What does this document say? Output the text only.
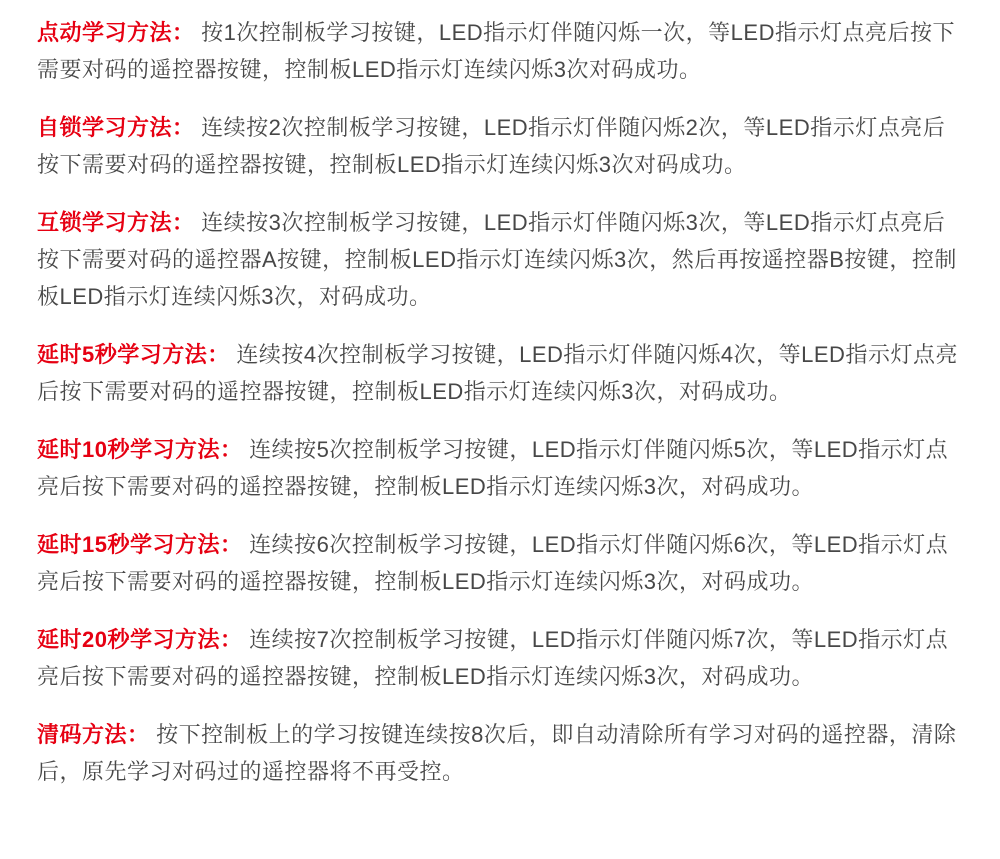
点动学习方法： 按1次控制板学习按键，LED指示灯伴随闪烁一次，等LED指示灯点亮后按下需要对码的遥控器按键，控制板LED指示灯连续闪烁3次对码成功。

自锁学习方法： 连续按2次控制板学习按键，LED指示灯伴随闪烁2次，等LED指示灯点亮后按下需要对码的遥控器按键，控制板LED指示灯连续闪烁3次对码成功。

互锁学习方法： 连续按3次控制板学习按键，LED指示灯伴随闪烁3次，等LED指示灯点亮后按下需要对码的遥控器A按键，控制板LED指示灯连续闪烁3次，然后再按遥控器B按键，控制板LED指示灯连续闪烁3次，对码成功。

延时5秒学习方法： 连续按4次控制板学习按键，LED指示灯伴随闪烁4次，等LED指示灯点亮后按下需要对码的遥控器按键，控制板LED指示灯连续闪烁3次，对码成功。

延时10秒学习方法： 连续按5次控制板学习按键，LED指示灯伴随闪烁5次，等LED指示灯点亮后按下需要对码的遥控器按键，控制板LED指示灯连续闪烁3次，对码成功。

延时15秒学习方法： 连续按6次控制板学习按键，LED指示灯伴随闪烁6次，等LED指示灯点亮后按下需要对码的遥控器按键，控制板LED指示灯连续闪烁3次，对码成功。

延时20秒学习方法： 连续按7次控制板学习按键，LED指示灯伴随闪烁7次，等LED指示灯点亮后按下需要对码的遥控器按键，控制板LED指示灯连续闪烁3次，对码成功。

清码方法： 按下控制板上的学习按键连续按8次后，即自动清除所有学习对码的遥控器，清除后，原先学习对码过的遥控器将不再受控。
